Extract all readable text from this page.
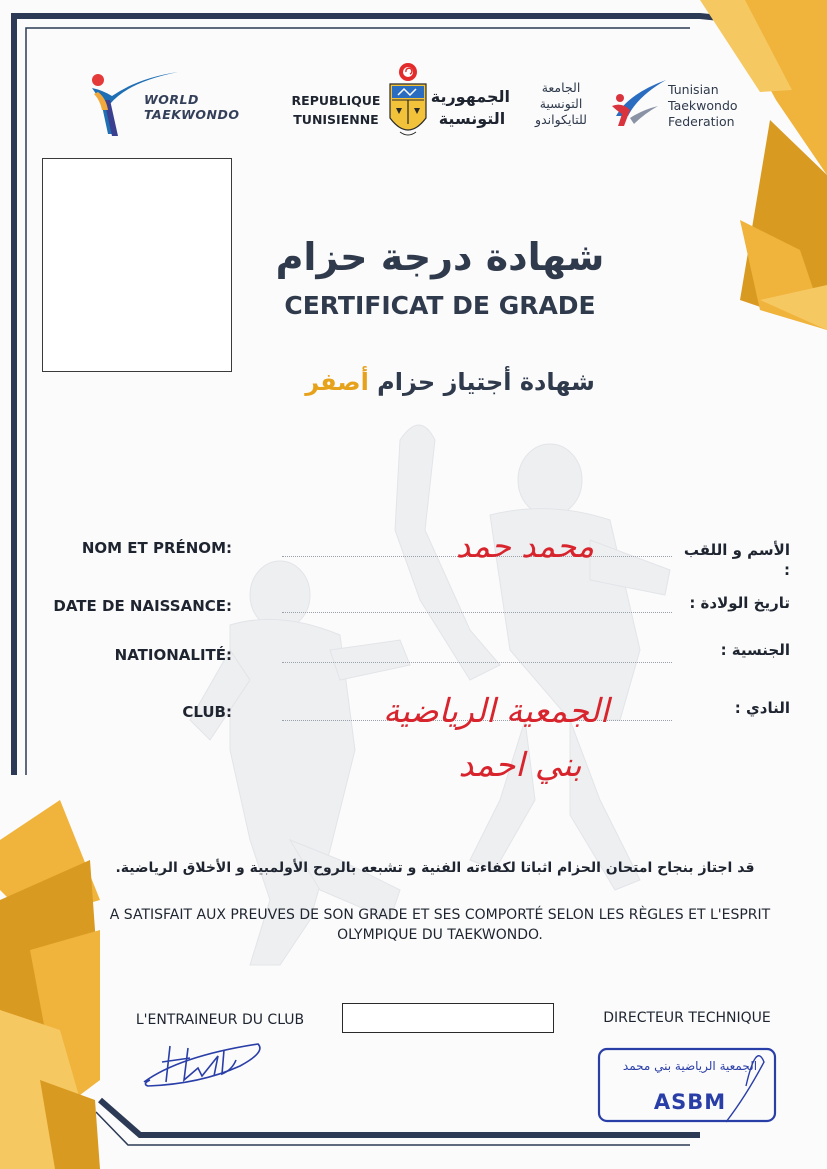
WORLD
TAEKWONDO
REPUBLIQUE
TUNISIENNE
الجمهورية
التونسية
الجامعة
التونسية
للتايكواندو
Tunisian
Taekwondo
Federation
شهادة درجة حزام
CERTIFICAT DE GRADE
شهادة أجتياز حزام أصفر
NOM ET PRÉNOM:	الأسم و اللقب :
محمد حمد
DATE DE NAISSANCE:	تاريخ الولادة :
NATIONALITÉ:	الجنسية :
CLUB:	النادي :
الجمعية الرياضية
بني احمد
قد اجتاز بنجاح امتحان الحزام اثباتا لكفاءته الفنية و تشبعه بالروح الأولمبية و الأخلاق الرياضية.
A SATISFAIT AUX PREUVES DE SON GRADE ET SES COMPORTÉ SELON LES RÈGLES ET L'ESPRIT
OLYMPIQUE DU TAEKWONDO.
L'ENTRAINEUR DU CLUB	DIRECTEUR TECHNIQUE
الجمعية الرياضية بني محمد
ASBM
